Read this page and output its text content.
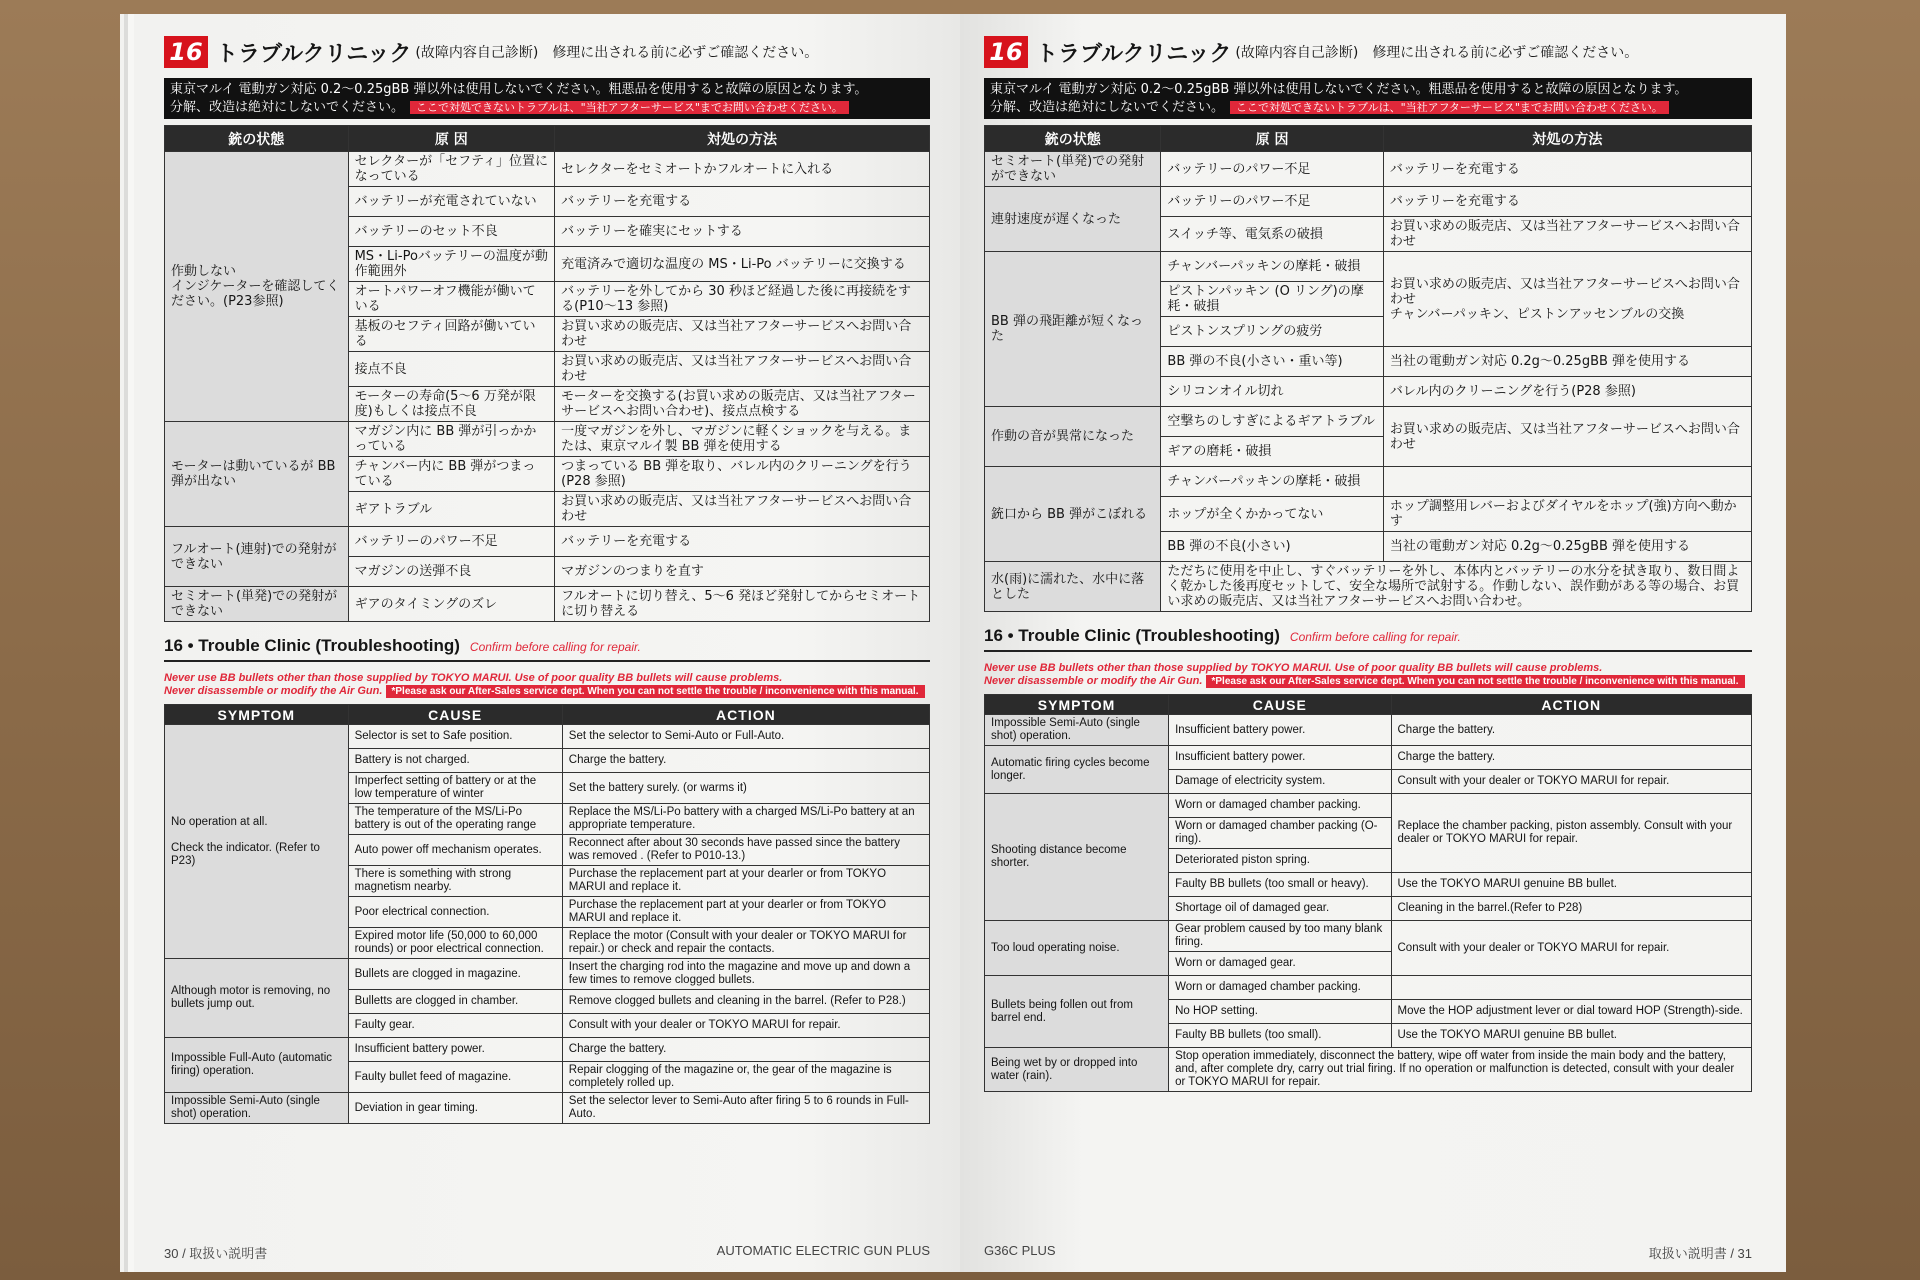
16 トラブルクリニック (故障内容自己診断) 修理に出される前に必ずご確認ください。
東京マルイ 電動ガン対応 0.2～0.25gBB 弾以外は使用しないでください。粗悪品を使用すると故障の原因となります。
分解、改造は絶対にしないでください。 ここで対処できないトラブルは、"当社アフターサービス"までお問い合わせください。
銃の状態	原 因	対処の方法
作動しない
インジケーターを確認してください。(P23参照)	セレクターが「セフティ」位置になっている	セレクターをセミオートかフルオートに入れる
	バッテリーが充電されていない	バッテリーを充電する
	バッテリーのセット不良	バッテリーを確実にセットする
	MS・Li-Poバッテリーの温度が動作範囲外	充電済みで適切な温度の MS・Li-Po バッテリーに交換する
	オートパワーオフ機能が働いている	バッテリーを外してから 30 秒ほど経過した後に再接続をする(P10～13 参照)
	基板のセフティ回路が働いている	お買い求めの販売店、又は当社アフターサービスへお問い合わせ
	接点不良	お買い求めの販売店、又は当社アフターサービスへお問い合わせ
	モーターの寿命(5～6 万発が限度)もしくは接点不良	モーターを交換する(お買い求めの販売店、又は当社アフターサービスへお問い合わせ)、接点点検する
モーターは動いているが BB 弾が出ない	マガジン内に BB 弾が引っかかっている	一度マガジンを外し、マガジンに軽くショックを与える。または、東京マルイ製 BB 弾を使用する
	チャンバー内に BB 弾がつまっている	つまっている BB 弾を取り、バレル内のクリーニングを行う(P28 参照)
	ギアトラブル	お買い求めの販売店、又は当社アフターサービスへお問い合わせ
フルオート(連射)での発射ができない	バッテリーのパワー不足	バッテリーを充電する
	マガジンの送弾不良	マガジンのつまりを直す
セミオート(単発)での発射ができない	ギアのタイミングのズレ	フルオートに切り替え、5～6 発ほど発射してからセミオートに切り替える
16 • Trouble Clinic (Troubleshooting) Confirm before calling for repair.
Never use BB bullets other than those supplied by TOKYO MARUI. Use of poor quality BB bullets will cause problems.
Never disassemble or modify the Air Gun. *Please ask our After-Sales service dept. When you can not settle the trouble / inconvenience with this manual.
SYMPTOM	CAUSE	ACTION
No operation at all.

Check the indicator. (Refer to P23)	Selector is set to Safe position.	Set the selector to Semi-Auto or Full-Auto.
	Battery is not charged.	Charge the battery.
	Imperfect setting of battery or at the low temperature of winter	Set the battery surely. (or warms it)
	The temperature of the MS/Li-Po battery is out of the operating range	Replace the MS/Li-Po battery with a charged MS/Li-Po battery at an appropriate temperature.
	Auto power off mechanism operates.	Reconnect after about 30 seconds have passed since the battery was removed . (Refer to P010-13.)
	There is something with strong magnetism nearby.	Purchase the replacement part at your dearler or from TOKYO MARUI and replace it.
	Poor electrical connection.	Purchase the replacement part at your dearler or from TOKYO MARUI and replace it.
	Expired motor life (50,000 to 60,000 rounds) or poor electrical connection.	Replace the motor (Consult with your dealer or TOKYO MARUI for repair.) or check and repair the contacts.
Although motor is removing, no bullets jump out.	Bullets are clogged in magazine.	Insert the charging rod into the magazine and move up and down a few times to remove clogged bullets.
	Bulletts are clogged in chamber.	Remove clogged bullets and cleaning in the barrel. (Refer to P28.)
	Faulty gear.	Consult with your dealer or TOKYO MARUI for repair.
Impossible Full-Auto (automatic firing) operation.	Insufficient battery power.	Charge the battery.
	Faulty bullet feed of magazine.	Repair clogging of the magazine or, the gear of the magazine is completely rolled up.
Impossible Semi-Auto (single shot) operation.	Deviation in gear timing.	Set the selector lever to Semi-Auto after firing 5 to 6 rounds in Full-Auto.
30 / 取扱い説明書	AUTOMATIC ELECTRIC GUN PLUS
16 トラブルクリニック (故障内容自己診断) 修理に出される前に必ずご確認ください。
東京マルイ 電動ガン対応 0.2～0.25gBB 弾以外は使用しないでください。粗悪品を使用すると故障の原因となります。
分解、改造は絶対にしないでください。 ここで対処できないトラブルは、"当社アフターサービス"までお問い合わせください。
銃の状態	原 因	対処の方法
セミオート(単発)での発射ができない	バッテリーのパワー不足	バッテリーを充電する
連射速度が遅くなった	バッテリーのパワー不足	バッテリーを充電する
	スイッチ等、電気系の破損	お買い求めの販売店、又は当社アフターサービスへお問い合わせ
BB 弾の飛距離が短くなった	チャンバーパッキンの摩耗・破損	お買い求めの販売店、又は当社アフターサービスへお問い合わせ
チャンバーパッキン、ピストンアッセンブルの交換
	ピストンパッキン (O リング)の摩耗・破損	
	ピストンスプリングの疲労	
	BB 弾の不良(小さい・重い等)	当社の電動ガン対応 0.2g～0.25gBB 弾を使用する
	シリコンオイル切れ	バレル内のクリーニングを行う(P28 参照)
作動の音が異常になった	空撃ちのしすぎによるギアトラブル	お買い求めの販売店、又は当社アフターサービスへお問い合わせ
	ギアの磨耗・破損	
銃口から BB 弾がこぼれる	チャンバーパッキンの摩耗・破損	
	ホップが全くかかってない	ホップ調整用レバーおよびダイヤルをホップ(強)方向へ動かす
	BB 弾の不良(小さい)	当社の電動ガン対応 0.2g～0.25gBB 弾を使用する
水(雨)に濡れた、水中に落とした	ただちに使用を中止し、すぐバッテリーを外し、本体内とバッテリーの水分を拭き取り、数日間よく乾かした後再度セットして、安全な場所で試射する。作動しない、誤作動がある等の場合、お買い求めの販売店、又は当社アフターサービスへお問い合わせ。	
16 • Trouble Clinic (Troubleshooting) Confirm before calling for repair.
Never use BB bullets other than those supplied by TOKYO MARUI. Use of poor quality BB bullets will cause problems.
Never disassemble or modify the Air Gun. *Please ask our After-Sales service dept. When you can not settle the trouble / inconvenience with this manual.
SYMPTOM	CAUSE	ACTION
Impossible Semi-Auto (single shot) operation.	Insufficient battery power.	Charge the battery.
Automatic firing cycles become longer.	Insufficient battery power.	Charge the battery.
	Damage of electricity system.	Consult with your dealer or TOKYO MARUI for repair.
Shooting distance become shorter.	Worn or damaged chamber packing.	Replace the chamber packing, piston assembly. Consult with your dealer or TOKYO MARUI for repair.
	Worn or damaged chamber packing (O-ring).	
	Deteriorated piston spring.	
	Faulty BB bullets (too small or heavy).	Use the TOKYO MARUI genuine BB bullet.
	Shortage oil of damaged gear.	Cleaning in the barrel.(Refer to P28)
Too loud operating noise.	Gear problem caused by too many blank firing.	Consult with your dealer or TOKYO MARUI for repair.
	Worn or damaged gear.	
Bullets being follen out from barrel end.	Worn or damaged chamber packing.	
	No HOP setting.	Move the HOP adjustment lever or dial toward HOP (Strength)-side.
	Faulty BB bullets (too small).	Use the TOKYO MARUI genuine BB bullet.
Being wet by or dropped into water (rain).	Stop operation immediately, disconnect the battery, wipe off water from inside the main body and the battery, and, after complete dry, carry out trial firing. If no operation or malfunction is detected, consult with your dealer or TOKYO MARUI for repair.	
G36C PLUS	取扱い説明書 / 31
